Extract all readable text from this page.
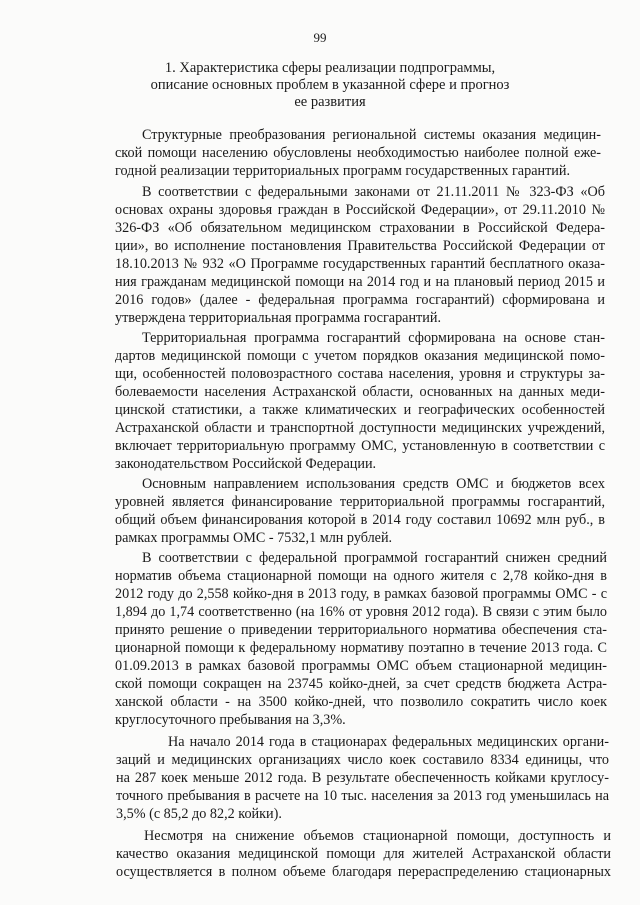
99
1. Характеристика сферы реализации подпрограммы,
описание основных проблем в указанной сфере и прогноз
ее развития
Структурные преобразования региональной системы оказания медицин-
ской помощи населению обусловлены необходимостью наиболее полной еже-
годной реализации территориальных программ государственных гарантий.
В соответствии с федеральными законами от 21.11.2011 № 323-ФЗ «Об
основах охраны здоровья граждан в Российской Федерации», от 29.11.2010 №
326-ФЗ «Об обязательном медицинском страховании в Российской Федера-
ции», во исполнение постановления Правительства Российской Федерации от
18.10.2013 № 932 «О Программе государственных гарантий бесплатного оказа-
ния гражданам медицинской помощи на 2014 год и на плановый период 2015 и
2016 годов» (далее - федеральная программа госгарантий) сформирована и
утверждена территориальная программа госгарантий.
Территориальная программа госгарантий сформирована на основе стан-
дартов медицинской помощи с учетом порядков оказания медицинской помо-
щи, особенностей половозрастного состава населения, уровня и структуры за-
болеваемости населения Астраханской области, основанных на данных меди-
цинской статистики, а также климатических и географических особенностей
Астраханской области и транспортной доступности медицинских учреждений,
включает территориальную программу ОМС, установленную в соответствии с
законодательством Российской Федерации.
Основным направлением использования средств ОМС и бюджетов всех
уровней является финансирование территориальной программы госгарантий,
общий объем финансирования которой в 2014 году составил 10692 млн руб., в
рамках программы ОМС - 7532,1 млн рублей.
В соответствии с федеральной программой госгарантий снижен средний
норматив объема стационарной помощи на одного жителя с 2,78 койко-дня в
2012 году до 2,558 койко-дня в 2013 году, в рамках базовой программы ОМС - с
1,894 до 1,74 соответственно (на 16% от уровня 2012 года). В связи с этим было
принято решение о приведении территориального норматива обеспечения ста-
ционарной помощи к федеральному нормативу поэтапно в течение 2013 года. С
01.09.2013 в рамках базовой программы ОМС объем стационарной медицин-
ской помощи сокращен на 23745 койко-дней, за счет средств бюджета Астра-
ханской области - на 3500 койко-дней, что позволило сократить число коек
круглосуточного пребывания на 3,3%.
На начало 2014 года в стационарах федеральных медицинских органи-
заций и медицинских организациях число коек составило 8334 единицы, что
на 287 коек меньше 2012 года. В результате обеспеченность койками круглосу-
точного пребывания в расчете на 10 тыс. населения за 2013 год уменьшилась на
3,5% (с 85,2 до 82,2 койки).
Несмотря на снижение объемов стационарной помощи, доступность и
качество оказания медицинской помощи для жителей Астраханской области
осуществляется в полном объеме благодаря перераспределению стационарных
